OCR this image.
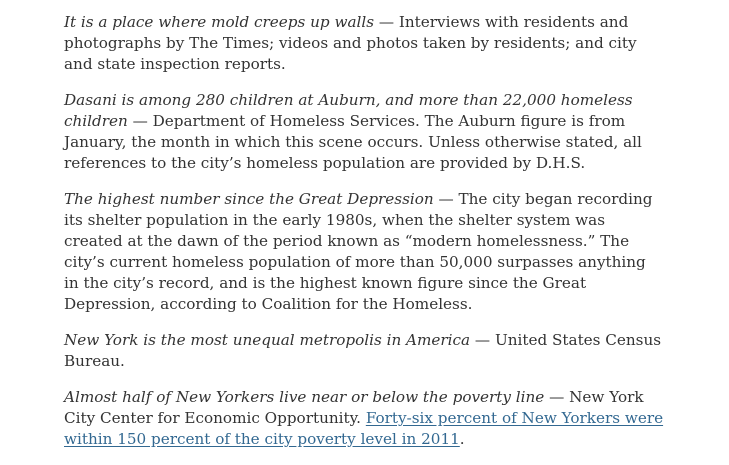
It is a place where mold creeps up walls — Interviews with residents and photographs by The Times; videos and photos taken by residents; and city and state inspection reports.

Dasani is among 280 children at Auburn, and more than 22,000 homeless children — Department of Homeless Services. The Auburn figure is from January, the month in which this scene occurs. Unless otherwise stated, all references to the city’s homeless population are provided by D.H.S.

The highest number since the Great Depression — The city began recording its shelter population in the early 1980s, when the shelter system was created at the dawn of the period known as “modern homelessness.” The city’s current homeless population of more than 50,000 surpasses anything in the city’s record, and is the highest known figure since the Great Depression, according to Coalition for the Homeless.

New York is the most unequal metropolis in America — United States Census Bureau.

Almost half of New Yorkers live near or below the poverty line — New York City Center for Economic Opportunity. Forty-six percent of New Yorkers were within 150 percent of the city poverty level in 2011.
